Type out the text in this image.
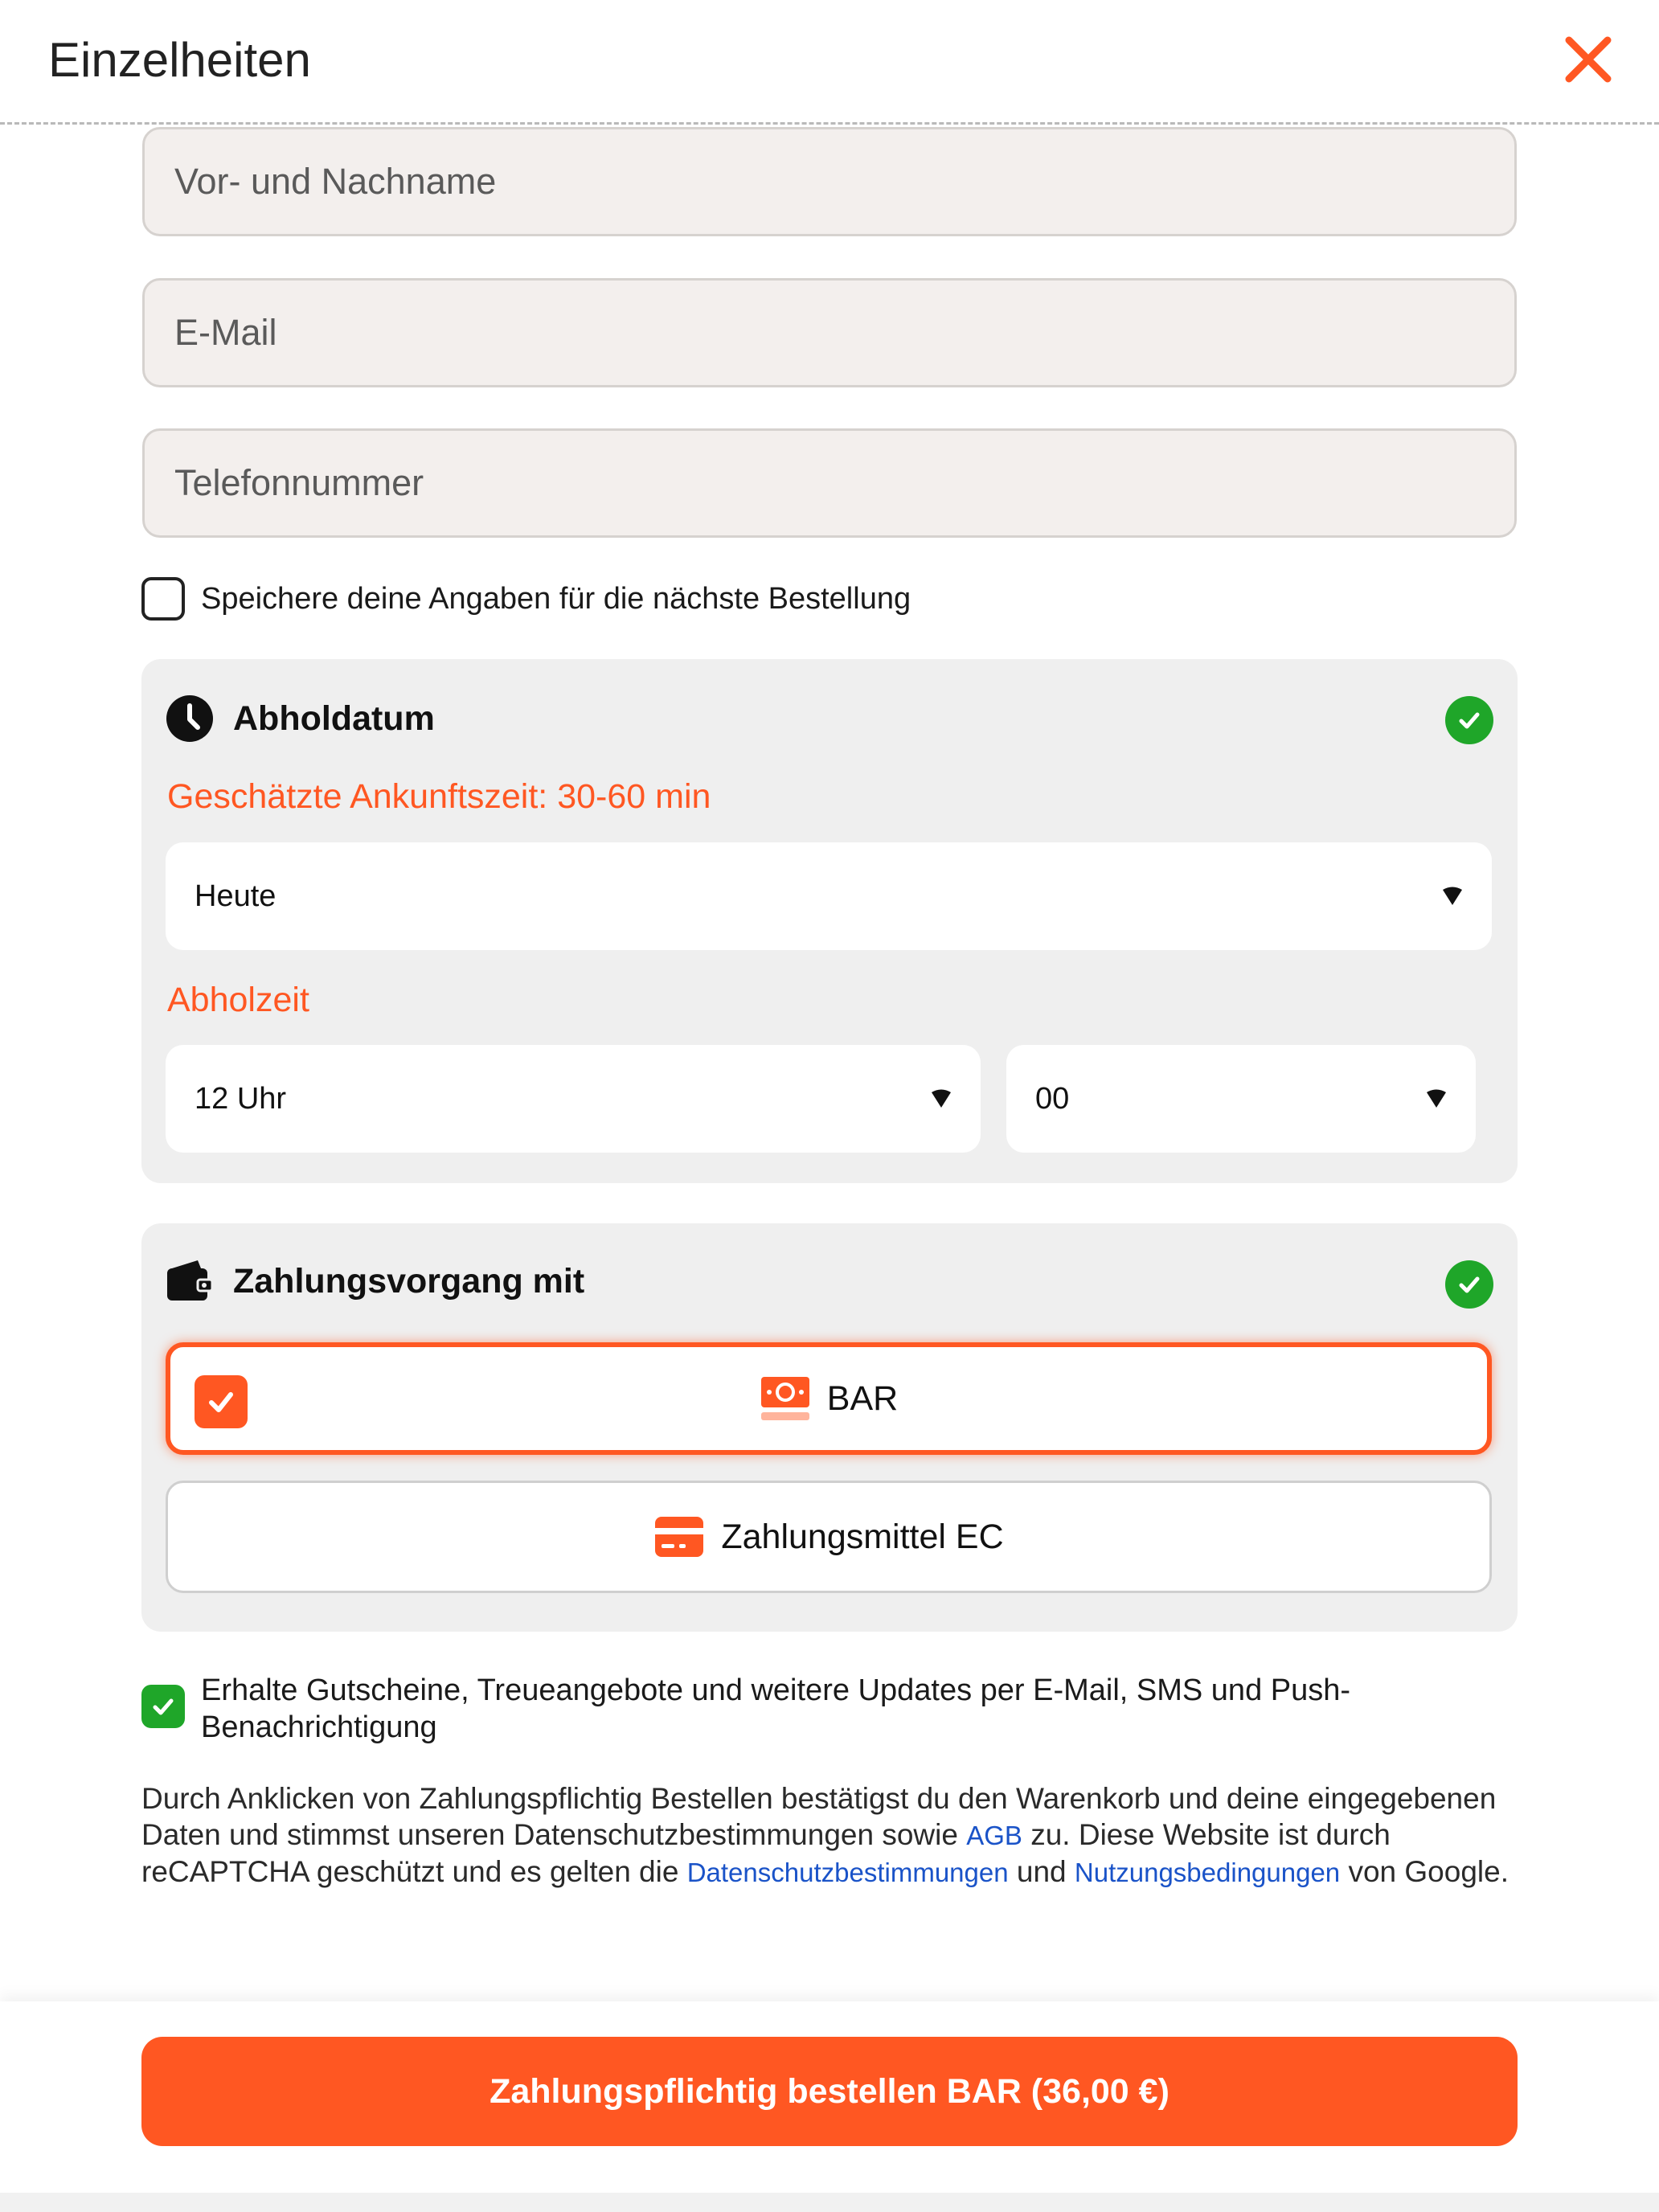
Einzelheiten
Vor- und Nachname
E-Mail
Telefonnummer
Speichere deine Angaben für die nächste Bestellung
Abholdatum
Geschätzte Ankunftszeit: 30-60 min
Heute
Abholzeit
12 Uhr	00
Zahlungsvorgang mit
BAR
Zahlungsmittel EC
Erhalte Gutscheine, Treueangebote und weitere Updates per E-Mail, SMS und Push-Benachrichtigung
Durch Anklicken von Zahlungspflichtig Bestellen bestätigst du den Warenkorb und deine eingegebenen Daten und stimmst unseren Datenschutzbestimmungen sowie AGB zu. Diese Website ist durch reCAPTCHA geschützt und es gelten die Datenschutzbestimmungen und Nutzungsbedingungen von Google.
Zahlungspflichtig bestellen BAR (36,00 €)
